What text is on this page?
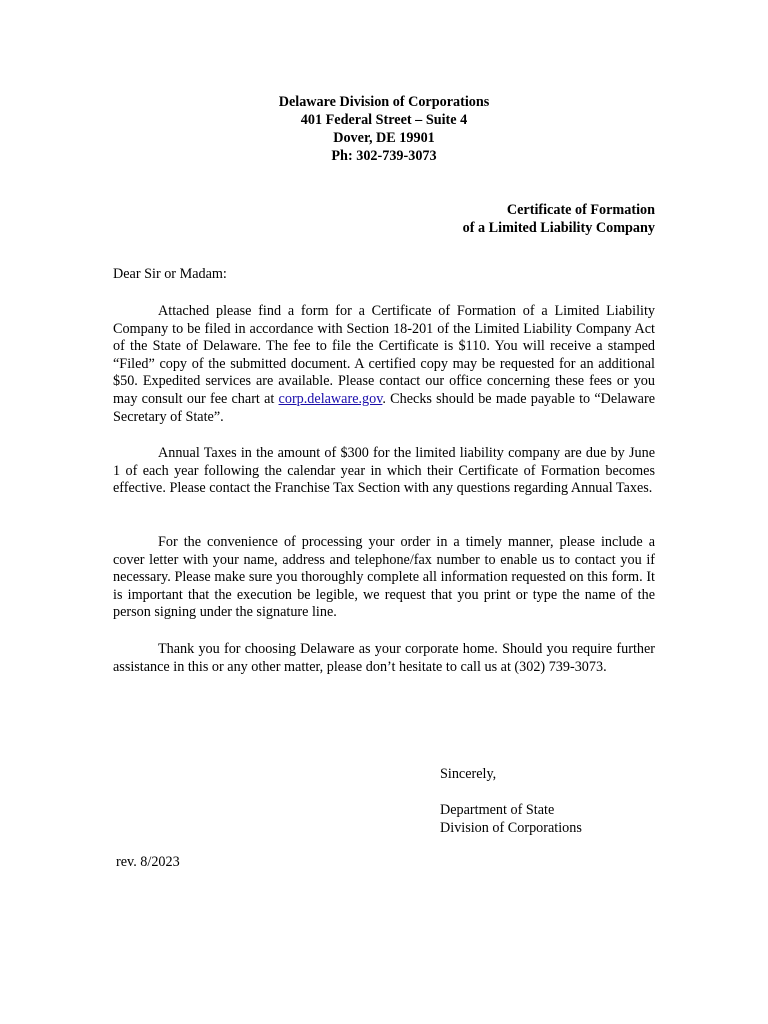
Delaware Division of Corporations
401 Federal Street – Suite 4
Dover, DE 19901
Ph: 302-739-3073
Certificate of Formation
of a Limited Liability Company
Dear Sir or Madam:

Attached please find a form for a Certificate of Formation of a Limited Liability Company to be filed in accordance with Section 18-201 of the Limited Liability Company Act of the State of Delaware. The fee to file the Certificate is $110. You will receive a stamped “Filed” copy of the submitted document. A certified copy may be requested for an additional $50. Expedited services are available. Please contact our office concerning these fees or you may consult our fee chart at corp.delaware.gov. Checks should be made payable to “Delaware Secretary of State”.

Annual Taxes in the amount of $300 for the limited liability company are due by June 1 of each year following the calendar year in which their Certificate of Formation becomes effective. Please contact the Franchise Tax Section with any questions regarding Annual Taxes.

For the convenience of processing your order in a timely manner, please include a cover letter with your name, address and telephone/fax number to enable us to contact you if necessary. Please make sure you thoroughly complete all information requested on this form. It is important that the execution be legible, we request that you print or type the name of the person signing under the signature line.

Thank you for choosing Delaware as your corporate home. Should you require further assistance in this or any other matter, please don’t hesitate to call us at (302) 739-3073.

Sincerely,
Department of State
Division of Corporations
rev. 8/2023
